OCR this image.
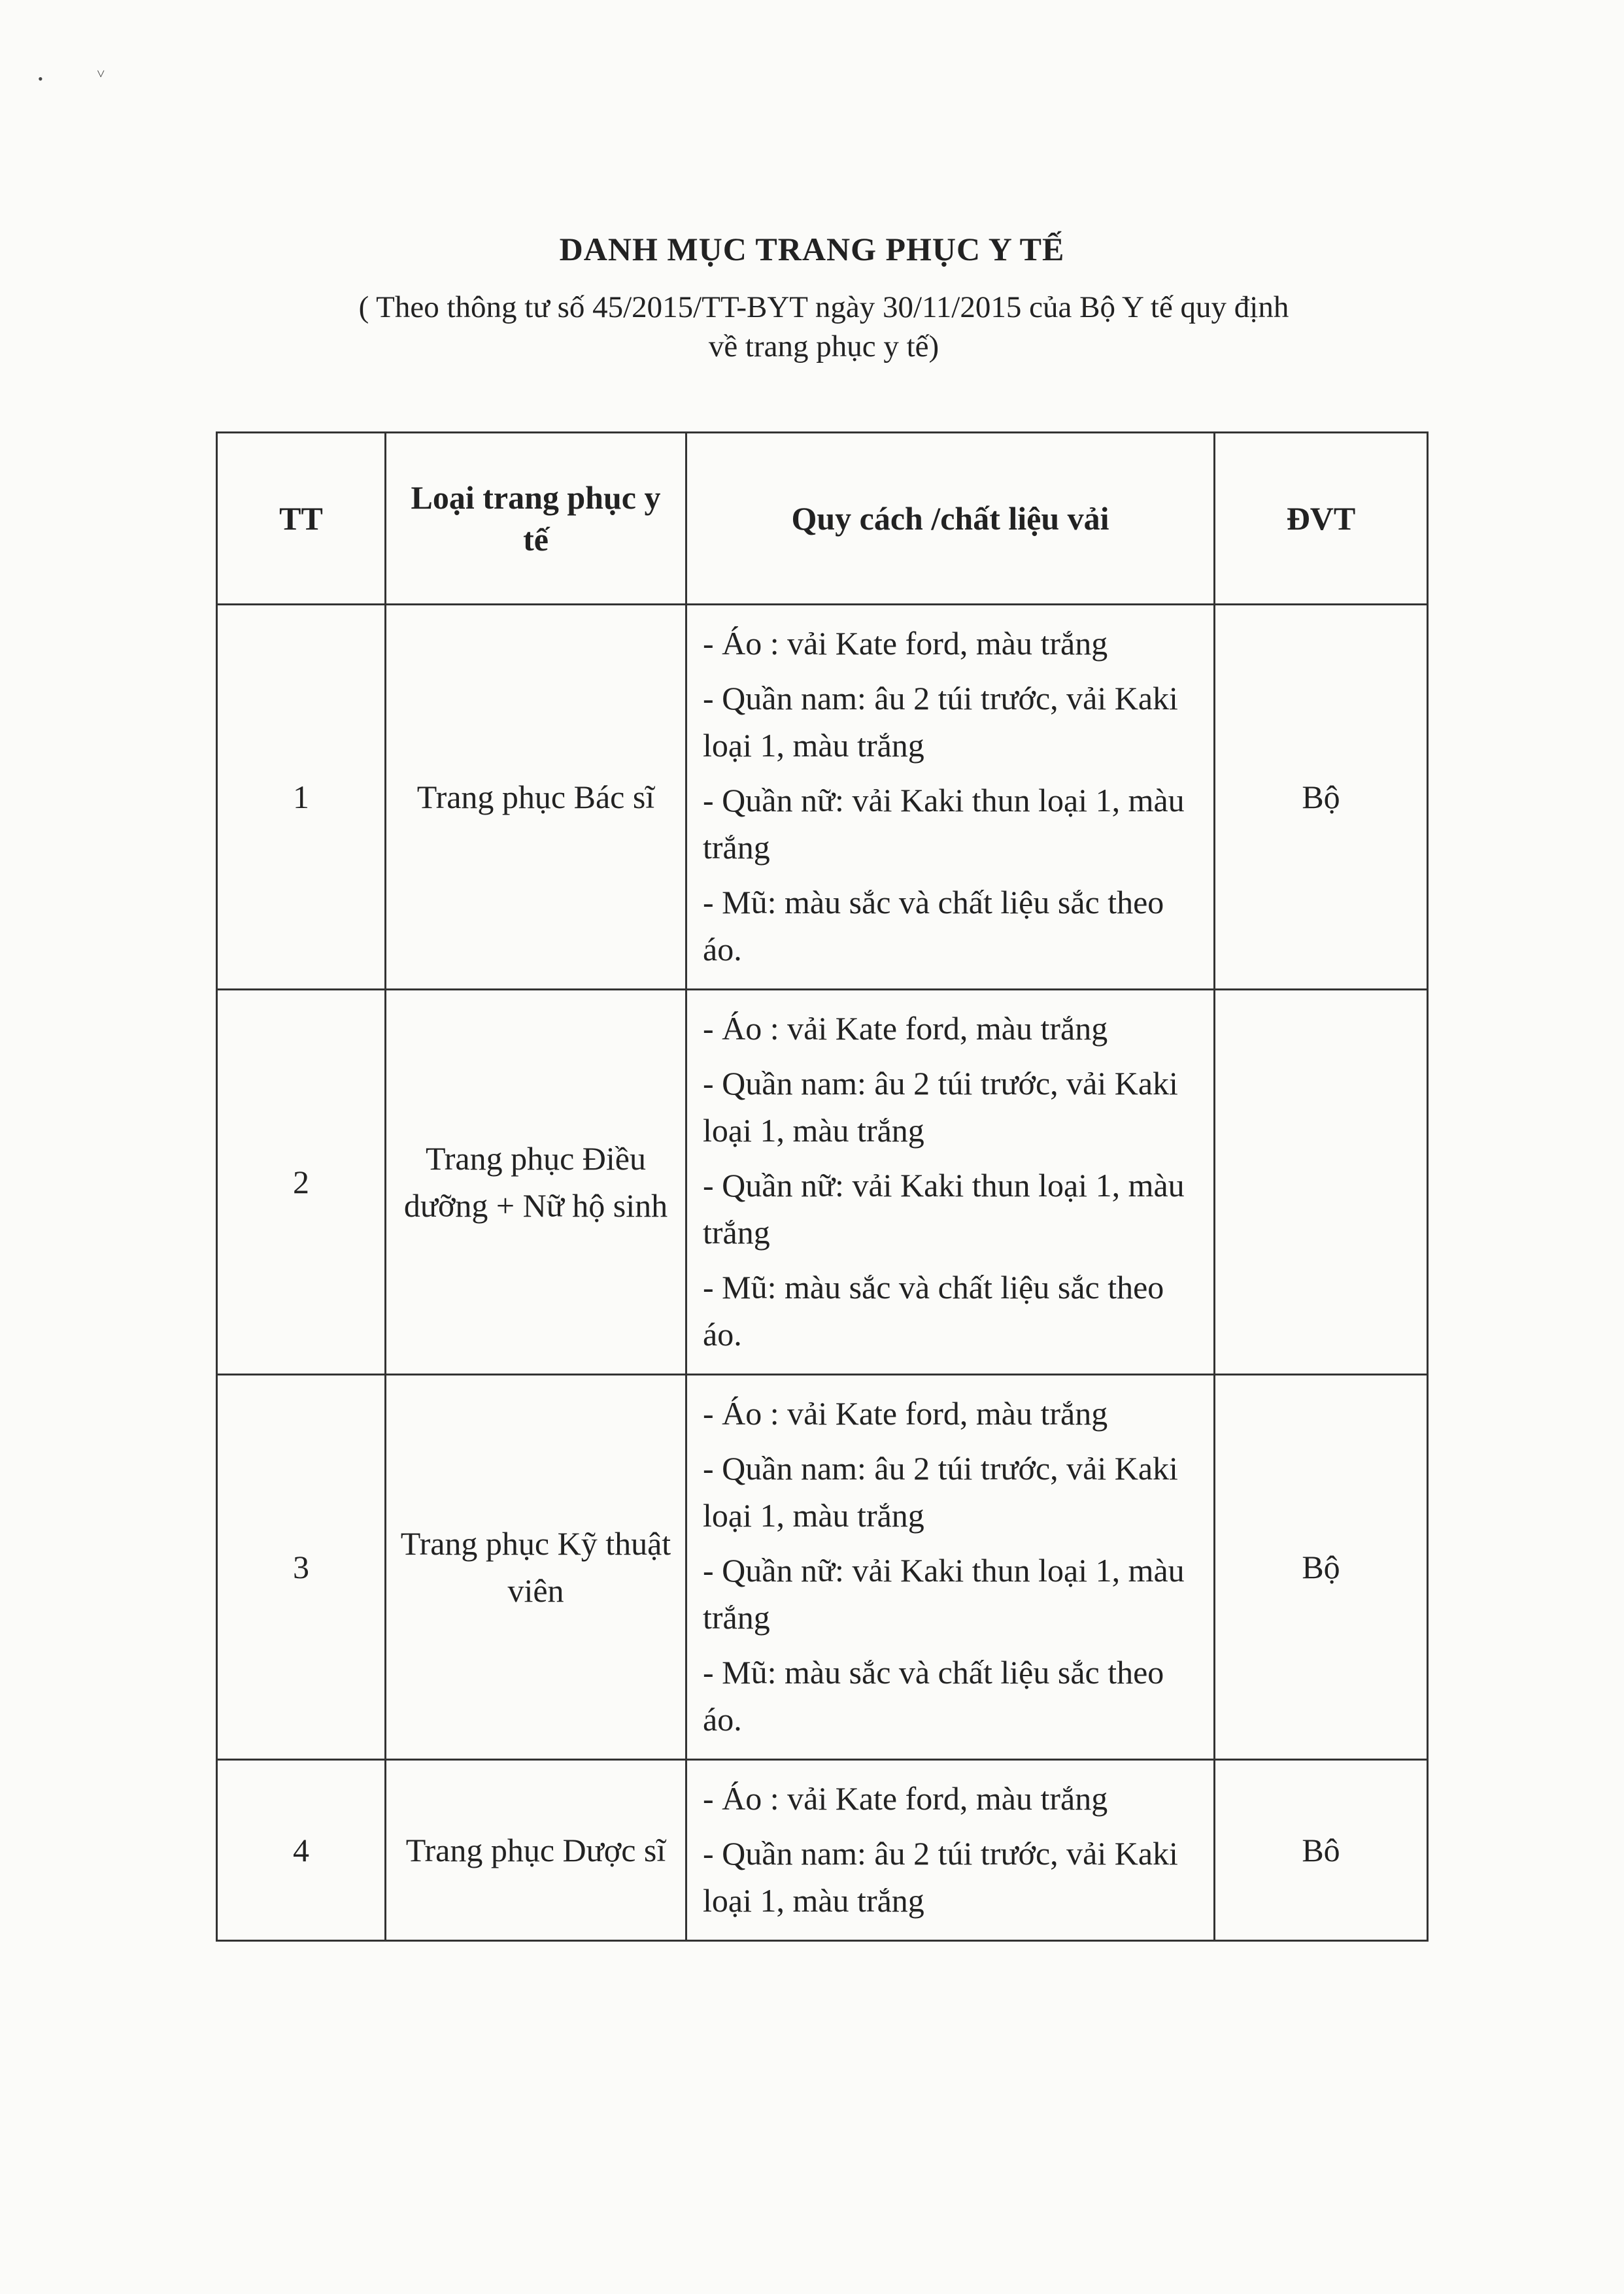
•	˅
DANH MỤC TRANG PHỤC Y TẾ
( Theo thông tư số 45/2015/TT-BYT ngày 30/11/2015 của Bộ Y tế quy định
về trang phục y tế)
TT	Loại trang phục y tế	Quy cách /chất liệu vải	ĐVT
1	Trang phục Bác sĩ	- Áo : vải Kate ford, màu trắng
- Quần nam: âu 2 túi trước, vải Kaki loại 1, màu trắng
- Quần nữ: vải Kaki thun loại 1, màu trắng
- Mũ: màu sắc và chất liệu sắc theo áo.	Bộ
2	Trang phục Điều dưỡng + Nữ hộ sinh	- Áo : vải Kate ford, màu trắng
- Quần nam: âu 2 túi trước, vải Kaki loại 1, màu trắng
- Quần nữ: vải Kaki thun loại 1, màu trắng
- Mũ: màu sắc và chất liệu sắc theo áo.	

3	Trang phục Kỹ thuật viên	- Áo : vải Kate ford, màu trắng
- Quần nam: âu 2 túi trước, vải Kaki loại 1, màu trắng
- Quần nữ: vải Kaki thun loại 1, màu trắng
- Mũ: màu sắc và chất liệu sắc theo áo.	Bộ
4	Trang phục Dược sĩ	- Áo : vải Kate ford, màu trắng
- Quần nam: âu 2 túi trước, vải Kaki loại 1, màu trắng	Bô
